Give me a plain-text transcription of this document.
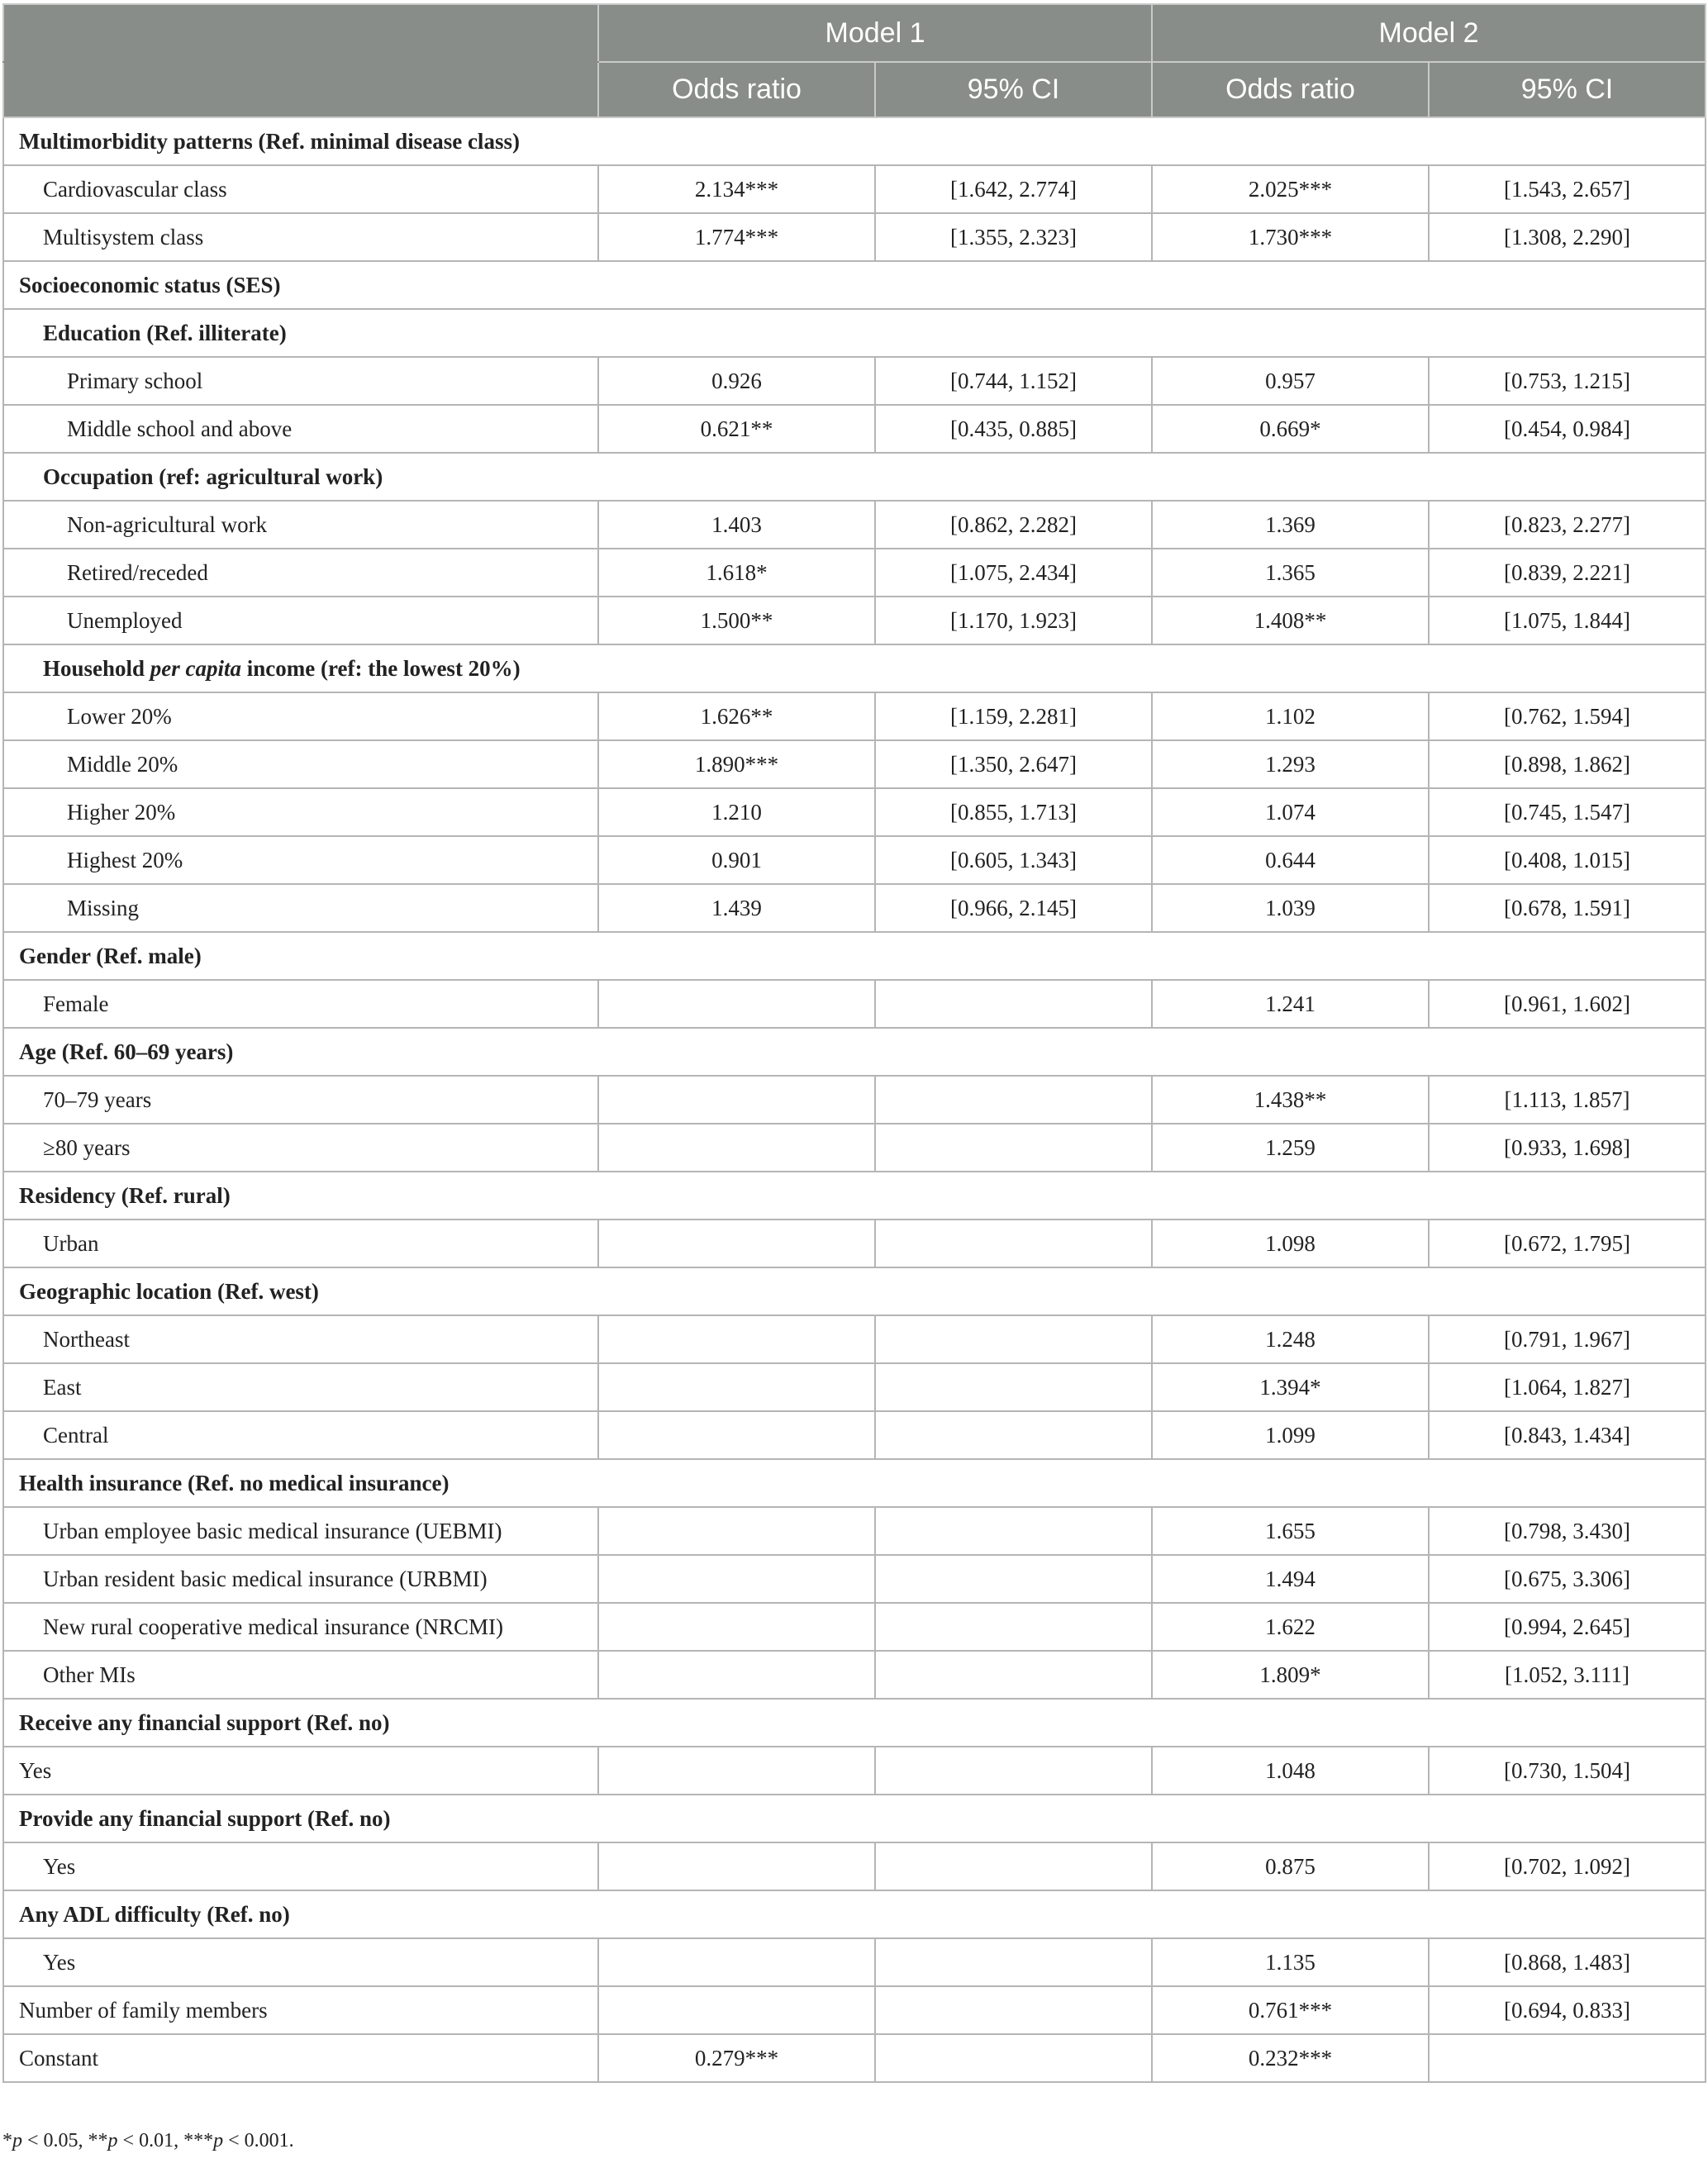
	Model 1		Model 2	
	Odds ratio	95% CI	Odds ratio	95% CI
Multimorbidity patterns (Ref. minimal disease class)				
Cardiovascular class	2.134***	[1.642, 2.774]	2.025***	[1.543, 2.657]
Multisystem class	1.774***	[1.355, 2.323]	1.730***	[1.308, 2.290]
Socioeconomic status (SES)				
Education (Ref. illiterate)				
Primary school	0.926	[0.744, 1.152]	0.957	[0.753, 1.215]
Middle school and above	0.621**	[0.435, 0.885]	0.669*	[0.454, 0.984]
Occupation (ref: agricultural work)				
Non-agricultural work	1.403	[0.862, 2.282]	1.369	[0.823, 2.277]
Retired/receded	1.618*	[1.075, 2.434]	1.365	[0.839, 2.221]
Unemployed	1.500**	[1.170, 1.923]	1.408**	[1.075, 1.844]
Household per capita income (ref: the lowest 20%)				
Lower 20%	1.626**	[1.159, 2.281]	1.102	[0.762, 1.594]
Middle 20%	1.890***	[1.350, 2.647]	1.293	[0.898, 1.862]
Higher 20%	1.210	[0.855, 1.713]	1.074	[0.745, 1.547]
Highest 20%	0.901	[0.605, 1.343]	0.644	[0.408, 1.015]
Missing	1.439	[0.966, 2.145]	1.039	[0.678, 1.591]
Gender (Ref. male)				
Female			1.241	[0.961, 1.602]
Age (Ref. 60–69 years)				
70–79 years			1.438**	[1.113, 1.857]
≥80 years			1.259	[0.933, 1.698]
Residency (Ref. rural)				
Urban			1.098	[0.672, 1.795]
Geographic location (Ref. west)				
Northeast			1.248	[0.791, 1.967]
East			1.394*	[1.064, 1.827]
Central			1.099	[0.843, 1.434]
Health insurance (Ref. no medical insurance)				
Urban employee basic medical insurance (UEBMI)			1.655	[0.798, 3.430]
Urban resident basic medical insurance (URBMI)			1.494	[0.675, 3.306]
New rural cooperative medical insurance (NRCMI)			1.622	[0.994, 2.645]
Other MIs			1.809*	[1.052, 3.111]
Receive any financial support (Ref. no)				
Yes			1.048	[0.730, 1.504]
Provide any financial support (Ref. no)				
Yes			0.875	[0.702, 1.092]
Any ADL difficulty (Ref. no)				
Yes			1.135	[0.868, 1.483]
Number of family members			0.761***	[0.694, 0.833]
Constant	0.279***		0.232***	
*p < 0.05, **p < 0.01, ***p < 0.001.
